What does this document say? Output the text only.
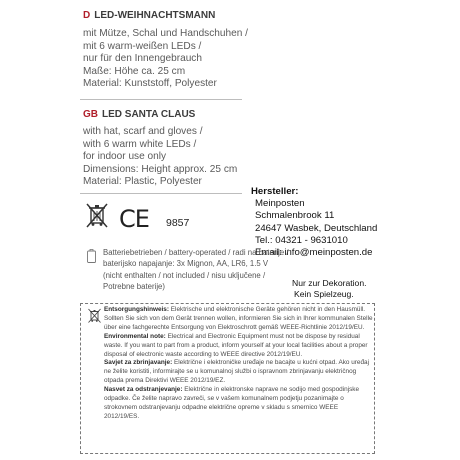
D LED-WEIHNACHTSMANN
mit Mütze, Schal und Handschuhen /
mit 6 warm-weißen LEDs /
nur für den Innengebrauch
Maße: Höhe ca. 25 cm
Material: Kunststoff, Polyester
GB LED SANTA CLAUS
with hat, scarf and gloves /
with 6 warm white LEDs /
for indoor use only
Dimensions: Height approx. 25 cm
Material: Plastic, Polyester
Hersteller:
Meinposten
Schmalenbrook 11
24647 Wasbek, Deutschland
Tel.: 04321 - 9631010
Email: info@meinposten.de
CE 9857
Batteriebetrieben / battery-operated / radi na baterije /
baterijsko napajanje: 3x Mignon, AA, LR6, 1.5 V
(nicht enthalten / not included / nisu uključene /
Potrebne baterije)	Nur zur Dekoration.
Kein Spielzeug.

Entsorgungshinweis: Elektrische und elektronische Geräte gehören nicht in den Hausmüll. Sollten Sie sich von dem Gerät trennen wollen, informieren Sie sich in Ihrer kommunalen Stelle über eine fachgerechte Entsorgung von Elektroschrott gemäß WEEE-Richtlinie 2012/19/EU.

Environmental note: Electrical and Electronic Equipment must not be dispose by residual waste. If you want to part from a product, inform yourself at your local facilities about a proper disposal of electronic waste according to WEEE directive 2012/19/EU.

Savjet za zbrinjavanje: Električne i elektroničke uređaje ne bacajte u kućni otpad. Ako uređaj ne želite koristiti, informirajte se u komunalnoj službi o ispravnom zbrinjavanju električnog otpada prema Direktivi WEEE 2012/19/EZ.

Nasvet za odstranjevanje: Električne in elektronske naprave ne sodijo med gospodinjske odpadke. Če želite napravo zavreči, se v vašem komunalnem podjetju pozanimajte o strokovnem odstranjevanju odpadne električne opreme v skladu s smernico WEEE 2012/19/ES.
